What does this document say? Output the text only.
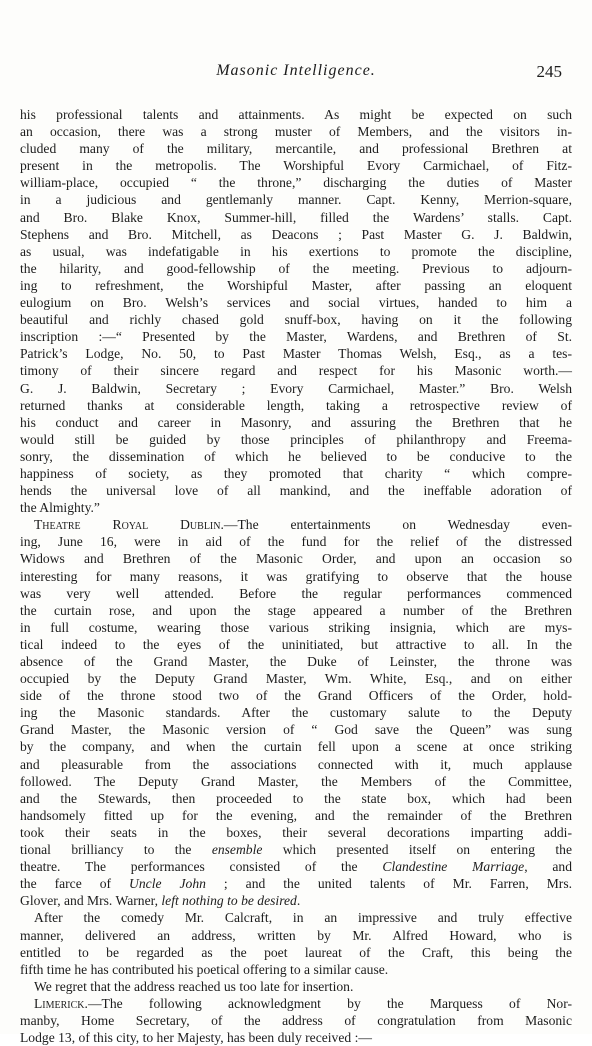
Masonic Intelligence.	245
his professional talents and attainments. As might be expected on such
an occasion, there was a strong muster of Members, and the visitors in-
cluded many of the military, mercantile, and professional Brethren at
present in the metropolis. The Worshipful Evory Carmichael, of Fitz-
william-place, occupied “ the throne,” discharging the duties of Master
in a judicious and gentlemanly manner. Capt. Kenny, Merrion-square,
and Bro. Blake Knox, Summer-hill, filled the Wardens’ stalls. Capt.
Stephens and Bro. Mitchell, as Deacons ; Past Master G. J. Baldwin,
as usual, was indefatigable in his exertions to promote the discipline,
the hilarity, and good-fellowship of the meeting. Previous to adjourn-
ing to refreshment, the Worshipful Master, after passing an eloquent
eulogium on Bro. Welsh’s services and social virtues, handed to him a
beautiful and richly chased gold snuff-box, having on it the following
inscription :—“ Presented by the Master, Wardens, and Brethren of St.
Patrick’s Lodge, No. 50, to Past Master Thomas Welsh, Esq., as a tes-
timony of their sincere regard and respect for his Masonic worth.—
G. J. Baldwin, Secretary ; Evory Carmichael, Master.” Bro. Welsh
returned thanks at considerable length, taking a retrospective review of
his conduct and career in Masonry, and assuring the Brethren that he
would still be guided by those principles of philanthropy and Freema-
sonry, the dissemination of which he believed to be conducive to the
happiness of society, as they promoted that charity “ which compre-
hends the universal love of all mankind, and the ineffable adoration of
the Almighty.”
Theatre Royal Dublin.—The entertainments on Wednesday even-
ing, June 16, were in aid of the fund for the relief of the distressed
Widows and Brethren of the Masonic Order, and upon an occasion so
interesting for many reasons, it was gratifying to observe that the house
was very well attended. Before the regular performances commenced
the curtain rose, and upon the stage appeared a number of the Brethren
in full costume, wearing those various striking insignia, which are mys-
tical indeed to the eyes of the uninitiated, but attractive to all. In the
absence of the Grand Master, the Duke of Leinster, the throne was
occupied by the Deputy Grand Master, Wm. White, Esq., and on either
side of the throne stood two of the Grand Officers of the Order, hold-
ing the Masonic standards. After the customary salute to the Deputy
Grand Master, the Masonic version of “ God save the Queen” was sung
by the company, and when the curtain fell upon a scene at once striking
and pleasurable from the associations connected with it, much applause
followed. The Deputy Grand Master, the Members of the Committee,
and the Stewards, then proceeded to the state box, which had been
handsomely fitted up for the evening, and the remainder of the Brethren
took their seats in the boxes, their several decorations imparting addi-
tional brilliancy to the ensemble which presented itself on entering the
theatre. The performances consisted of the Clandestine Marriage, and
the farce of Uncle John ; and the united talents of Mr. Farren, Mrs.
Glover, and Mrs. Warner, left nothing to be desired.
After the comedy Mr. Calcraft, in an impressive and truly effective
manner, delivered an address, written by Mr. Alfred Howard, who is
entitled to be regarded as the poet laureat of the Craft, this being the
fifth time he has contributed his poetical offering to a similar cause.
We regret that the address reached us too late for insertion.
Limerick.—The following acknowledgment by the Marquess of Nor-
manby, Home Secretary, of the address of congratulation from Masonic
Lodge 13, of this city, to her Majesty, has been duly received :—
